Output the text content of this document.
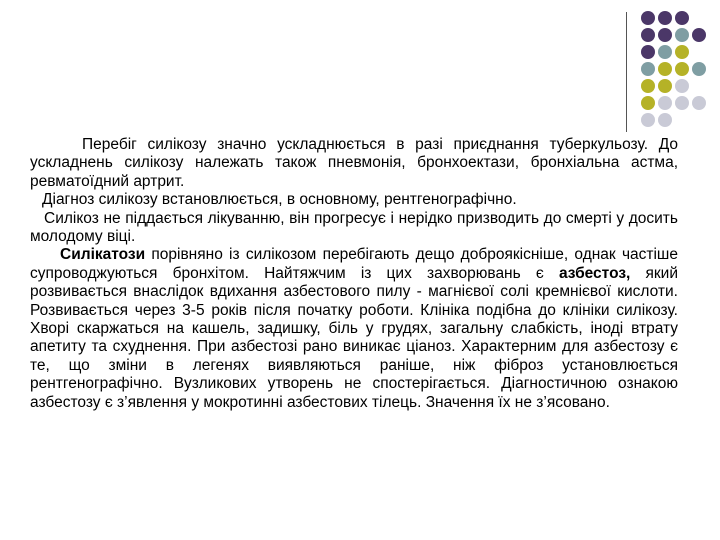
Перебіг силікозу значно ускладнюється в разі приєднання туберкульозу. До ускладнень силікозу належать також пневмонія, бронхоектази, бронхіальна астма, ревматоїдний артрит.

Діагноз силікозу встановлюється, в основному, рентгенографічно.

Силікоз не піддається лікуванню, він прогресує і нерідко призводить до смерті у досить молодому віці.

Силікатози порівняно із силікозом перебігають дещо доброякісніше, однак частіше супроводжуються бронхітом. Найтяжчим із цих захворювань є азбестоз, який розвивається внаслідок вдихання азбестового пилу - магнієвої солі кремнієвої кислоти. Розвивається через 3-5 років після початку роботи. Клініка подібна до клініки силікозу. Хворі скаржаться на кашель, задишку, біль у грудях, загальну слабкість, іноді втрату апетиту та схуднення. При азбестозі рано виникає ціаноз. Характерним для азбестозу є те, що зміни в легенях виявляються раніше, ніж фіброз установлюється рентгенографічно. Вузликових утворень не спостерігається. Діагностичною ознакою азбестозу є з’явлення у мокротинні азбестових тілець. Значення їх не з’ясовано.
